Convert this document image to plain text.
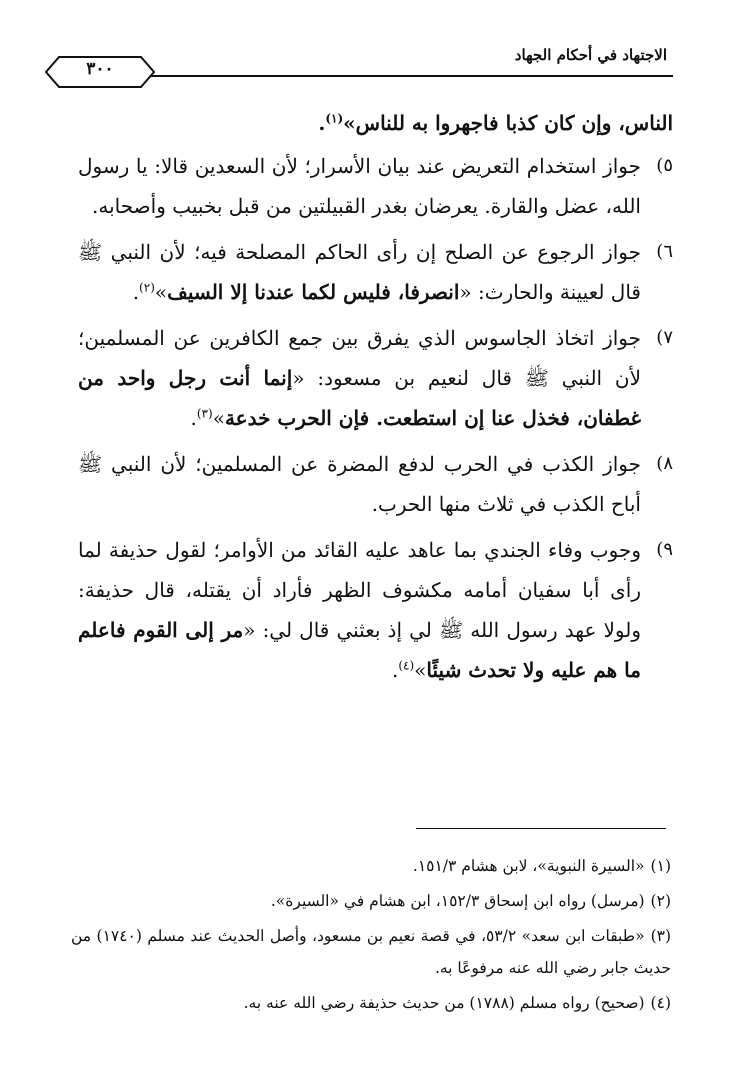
الاجتهاد في أحكام الجهاد
٣٠٠

الناس، وإن كان كذبا فاجهروا به للناس»$^{(١)}$.

٥)

جواز استخدام التعريض عند بيان الأسرار؛ لأن السعدين قالا: يا رسول الله، عضل والقارة. يعرضان بغدر القبيلتين من قبل بخبيب وأصحابه.

٦)

جواز الرجوع عن الصلح إن رأى الحاكم المصلحة فيه؛ لأن النبي ﷺ قال لعيينة والحارث: «انصرفا، فليس لكما عندنا إلا السيف»$^{(٢)}$.

٧)

جواز اتخاذ الجاسوس الذي يفرق بين جمع الكافرين عن المسلمين؛ لأن النبي ﷺ قال لنعيم بن مسعود: «إنما أنت رجل واحد من غطفان، فخذل عنا إن استطعت. فإن الحرب خدعة»$^{(٣)}$.

٨)

جواز الكذب في الحرب لدفع المضرة عن المسلمين؛ لأن النبي ﷺ أباح الكذب في ثلاث منها الحرب.

٩)

وجوب وفاء الجندي بما عاهد عليه القائد من الأوامر؛ لقول حذيفة لما رأى أبا سفيان أمامه مكشوف الظهر فأراد أن يقتله، قال حذيفة: ولولا عهد رسول الله ﷺ لي إذ بعثني قال لي: «مر إلى القوم فاعلم ما هم عليه ولا تحدث شيئًا»$^{(٤)}$.

(١)«السيرة النبوية»، لابن هشام ١٥١/٣.

(٢)(مرسل) رواه ابن إسحاق ١٥٢/٣، ابن هشام في «السيرة».

(٣)«طبقات ابن سعد» ٥٣/٢، في قصة نعيم بن مسعود، وأصل الحديث عند مسلم (١٧٤٠) من حديث جابر رضي الله عنه مرفوعًا به.

(٤)(صحيح) رواه مسلم (١٧٨٨) من حديث حذيفة رضي الله عنه به.
